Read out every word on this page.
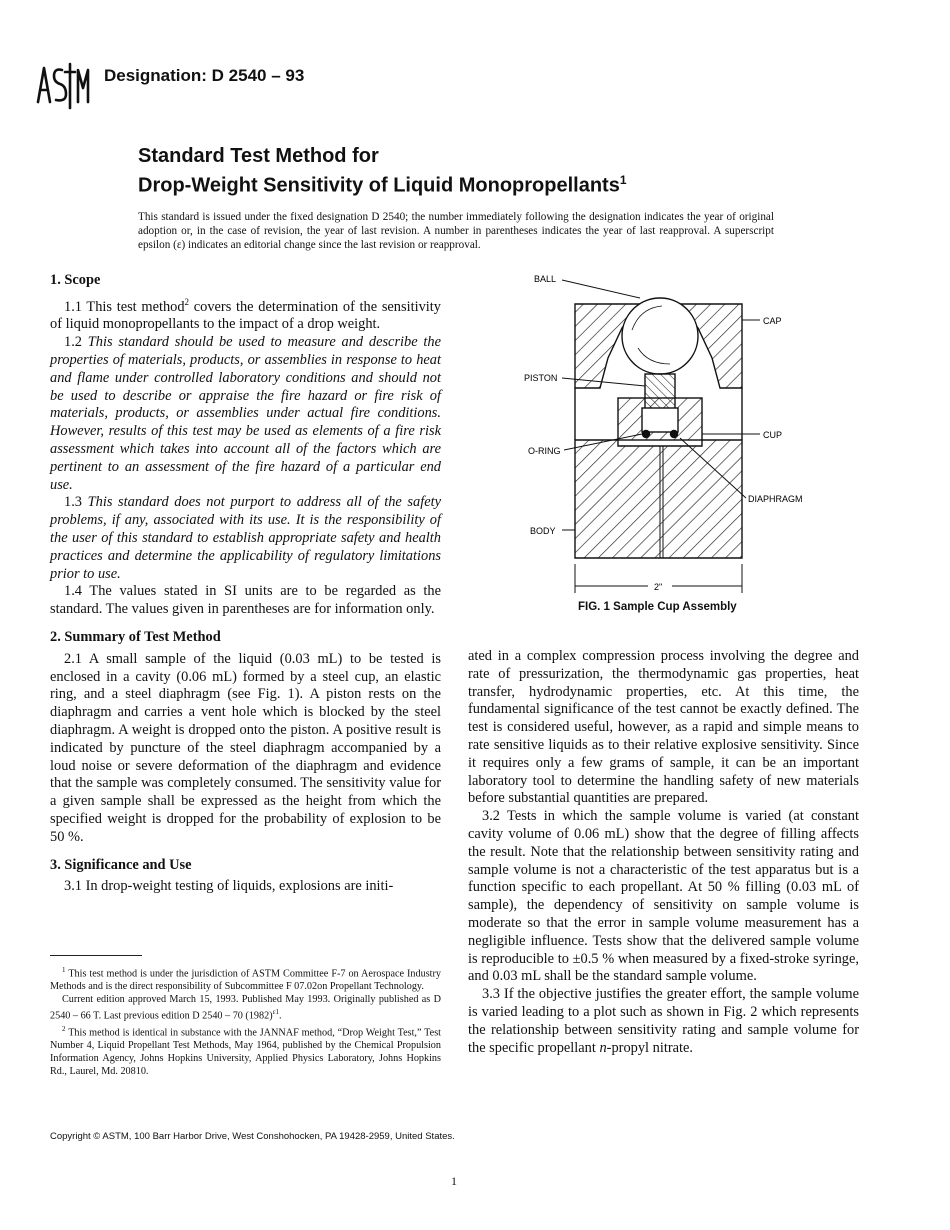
Designation: D 2540 – 93
Standard Test Method for
Drop-Weight Sensitivity of Liquid Monopropellants$^1$
This standard is issued under the fixed designation D 2540; the number immediately following the designation indicates the year of original adoption or, in the case of revision, the year of last revision. A number in parentheses indicates the year of last reapproval. A superscript epsilon (ε) indicates an editorial change since the last revision or reapproval.

1. Scope

1.1 This test method$^2$ covers the determination of the sensitivity of liquid monopropellants to the impact of a drop weight.

1.2 This standard should be used to measure and describe the properties of materials, products, or assemblies in response to heat and flame under controlled laboratory conditions and should not be used to describe or appraise the fire hazard or fire risk of materials, products, or assemblies under actual fire conditions. However, results of this test may be used as elements of a fire risk assessment which takes into account all of the factors which are pertinent to an assessment of the fire hazard of a particular end use.

1.3 This standard does not purport to address all of the safety problems, if any, associated with its use. It is the responsibility of the user of this standard to establish appropriate safety and health practices and determine the applicability of regulatory limitations prior to use.

1.4 The values stated in SI units are to be regarded as the standard. The values given in parentheses are for information only.

2. Summary of Test Method

2.1 A small sample of the liquid (0.03 mL) to be tested is enclosed in a cavity (0.06 mL) formed by a steel cup, an elastic ring, and a steel diaphragm (see Fig. 1). A piston rests on the diaphragm and carries a vent hole which is blocked by the steel diaphragm. A weight is dropped onto the piston. A positive result is indicated by puncture of the steel diaphragm accompanied by a loud noise or severe deformation of the diaphragm and evidence that the sample was completely consumed. The sensitivity value for a given sample shall be expressed as the height from which the specified weight is dropped for the probability of explosion to be 50 %.

3. Significance and Use

3.1 In drop-weight testing of liquids, explosions are initi-

$^1$ This test method is under the jurisdiction of ASTM Committee F-7 on Aerospace Industry Methods and is the direct responsibility of Subcommittee F 07.02on Propellant Technology.

Current edition approved March 15, 1993. Published May 1993. Originally published as D 2540 – 66 T. Last previous edition D 2540 – 70 $(1982)^{\varepsilon 1}$.

$^2$ This method is identical in substance with the JANNAF method, “Drop Weight Test,” Test Number 4, Liquid Propellant Test Methods, May 1964, published by the Chemical Propulsion Information Agency, Johns Hopkins University, Applied Physics Laboratory, Johns Hopkins Rd., Laurel, Md. 20810.

BALL
CAP
PISTON
CUP
O-RING
DIAPHRAGM
BODY
2"
FIG. 1 Sample Cup Assembly

ated in a complex compression process involving the degree and rate of pressurization, the thermodynamic gas properties, heat transfer, hydrodynamic properties, etc. At this time, the fundamental significance of the test cannot be exactly defined. The test is considered useful, however, as a rapid and simple means to rate sensitive liquids as to their relative explosive sensitivity. Since it requires only a few grams of sample, it can be an important laboratory tool to determine the handling safety of new materials before substantial quantities are prepared.

3.2 Tests in which the sample volume is varied (at constant cavity volume of 0.06 mL) show that the degree of filling affects the result. Note that the relationship between sensitivity rating and sample volume is not a characteristic of the test apparatus but is a function specific to each propellant. At 50 % filling (0.03 mL of sample), the dependency of sensitivity on sample volume is moderate so that the error in sample volume measurement has a negligible influence. Tests show that the delivered sample volume is reproducible to ±0.5 % when measured by a fixed-stroke syringe, and 0.03 mL shall be the standard sample volume.

3.3 If the objective justifies the greater effort, the sample volume is varied leading to a plot such as shown in Fig. 2 which represents the relationship between sensitivity rating and sample volume for the specific propellant n-propyl nitrate.

Copyright © ASTM, 100 Barr Harbor Drive, West Conshohocken, PA 19428-2959, United States.
1
